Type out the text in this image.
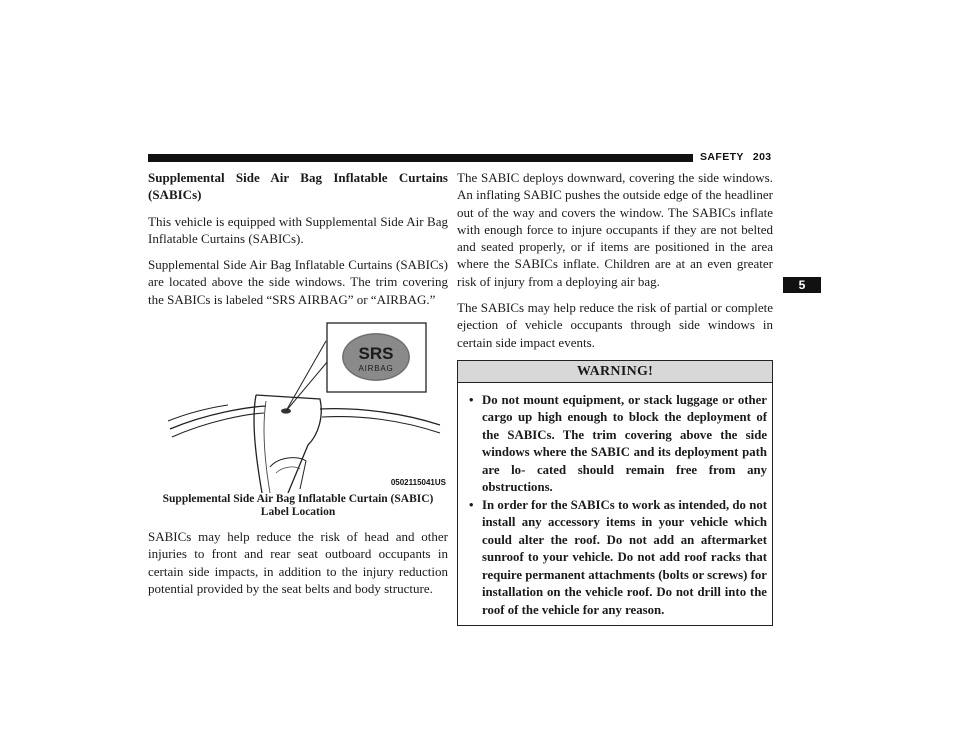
SAFETY 203
5

Supplemental Side Air Bag Inflatable Curtains (SABICs)

This vehicle is equipped with Supplemental Side Air Bag Inflatable Curtains (SABICs).

Supplemental Side Air Bag Inflatable Curtains (SABICs) are located above the side windows. The trim covering the SABICs is labeled “SRS AIRBAG” or “AIRBAG.”

SRS
AIRBAG
0502115041US

Supplemental Side Air Bag Inflatable Curtain (SABIC) Label Location

SABICs may help reduce the risk of head and other injuries to front and rear seat outboard occupants in certain side impacts, in addition to the injury reduction potential provided by the seat belts and body structure.

The SABIC deploys downward, covering the side windows. An inflating SABIC pushes the outside edge of the headliner out of the way and covers the window. The SABICs inflate with enough force to injure occupants if they are not belted and seated properly, or if items are positioned in the area where the SABICs inflate. Children are at an even greater risk of injury from a deploying air bag.

The SABICs may help reduce the risk of partial or complete ejection of vehicle occupants through side windows in certain side impact events.

WARNING!
• Do not mount equipment, or stack luggage or other cargo up high enough to block the deployment of the SABICs. The trim covering above the side windows where the SABIC and its deployment path are lo- cated should remain free from any obstructions.
• In order for the SABICs to work as intended, do not install any accessory items in your vehicle which could alter the roof. Do not add an aftermarket sunroof to your vehicle. Do not add roof racks that require permanent attachments (bolts or screws) for installation on the vehicle roof. Do not drill into the roof of the vehicle for any reason.
